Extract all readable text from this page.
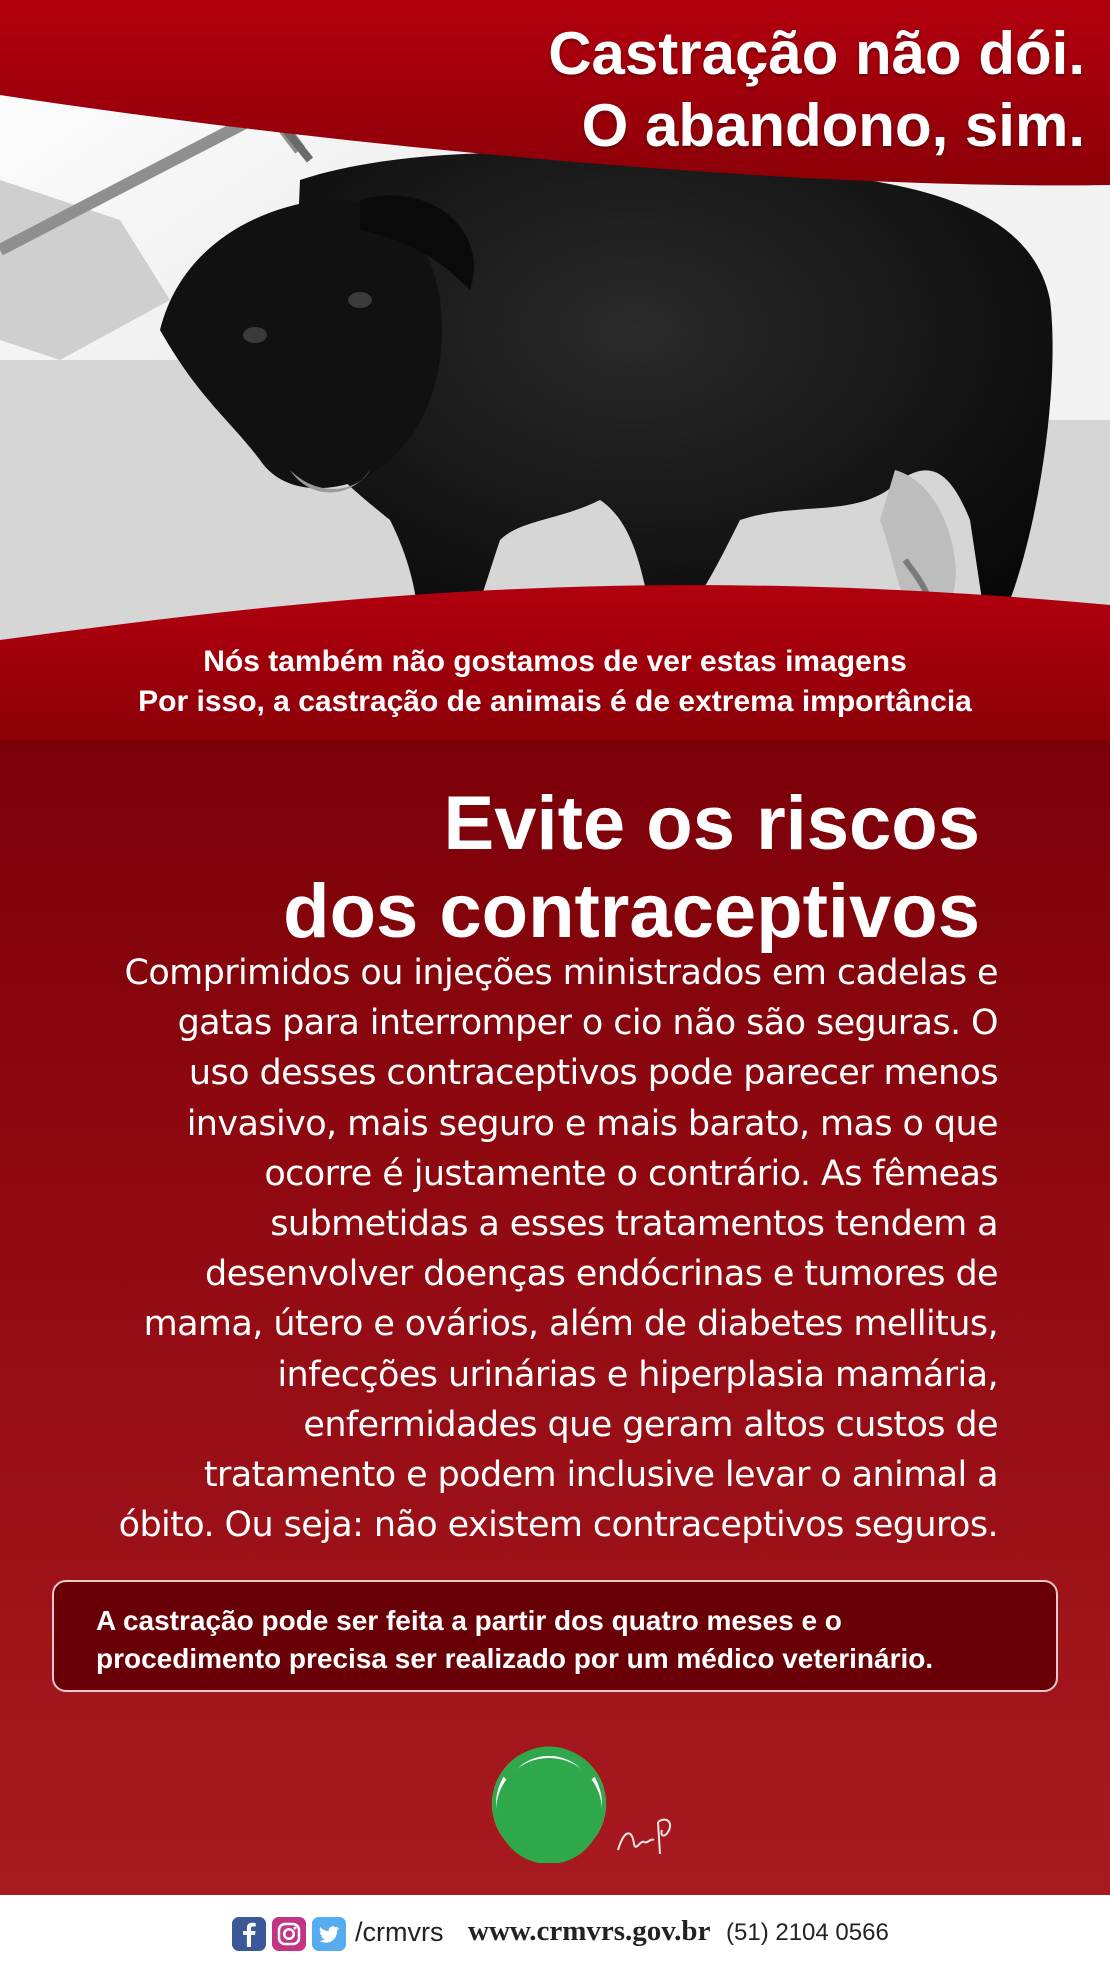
Castração não dói.
O abandono, sim.
Nós também não gostamos de ver estas imagens
Por isso, a castração de animais é de extrema importância
Evite os riscos
dos contraceptivos
Comprimidos ou injeções ministrados em cadelas e
gatas para interromper o cio não são seguras. O
uso desses contraceptivos pode parecer menos
invasivo, mais seguro e mais barato, mas o que
ocorre é justamente o contrário. As fêmeas
submetidas a esses tratamentos tendem a
desenvolver doenças endócrinas e tumores de
mama, útero e ovários, além de diabetes mellitus,
infecções urinárias e hiperplasia mamária,
enfermidades que geram altos custos de
tratamento e podem inclusive levar o animal a
óbito. Ou seja: não existem contraceptivos seguros.
A castração pode ser feita a partir dos quatro meses e o
procedimento precisa ser realizado por um médico veterinário.
CRMVRS
/crmvrs www.crmvrs.gov.br (51) 2104 0566
